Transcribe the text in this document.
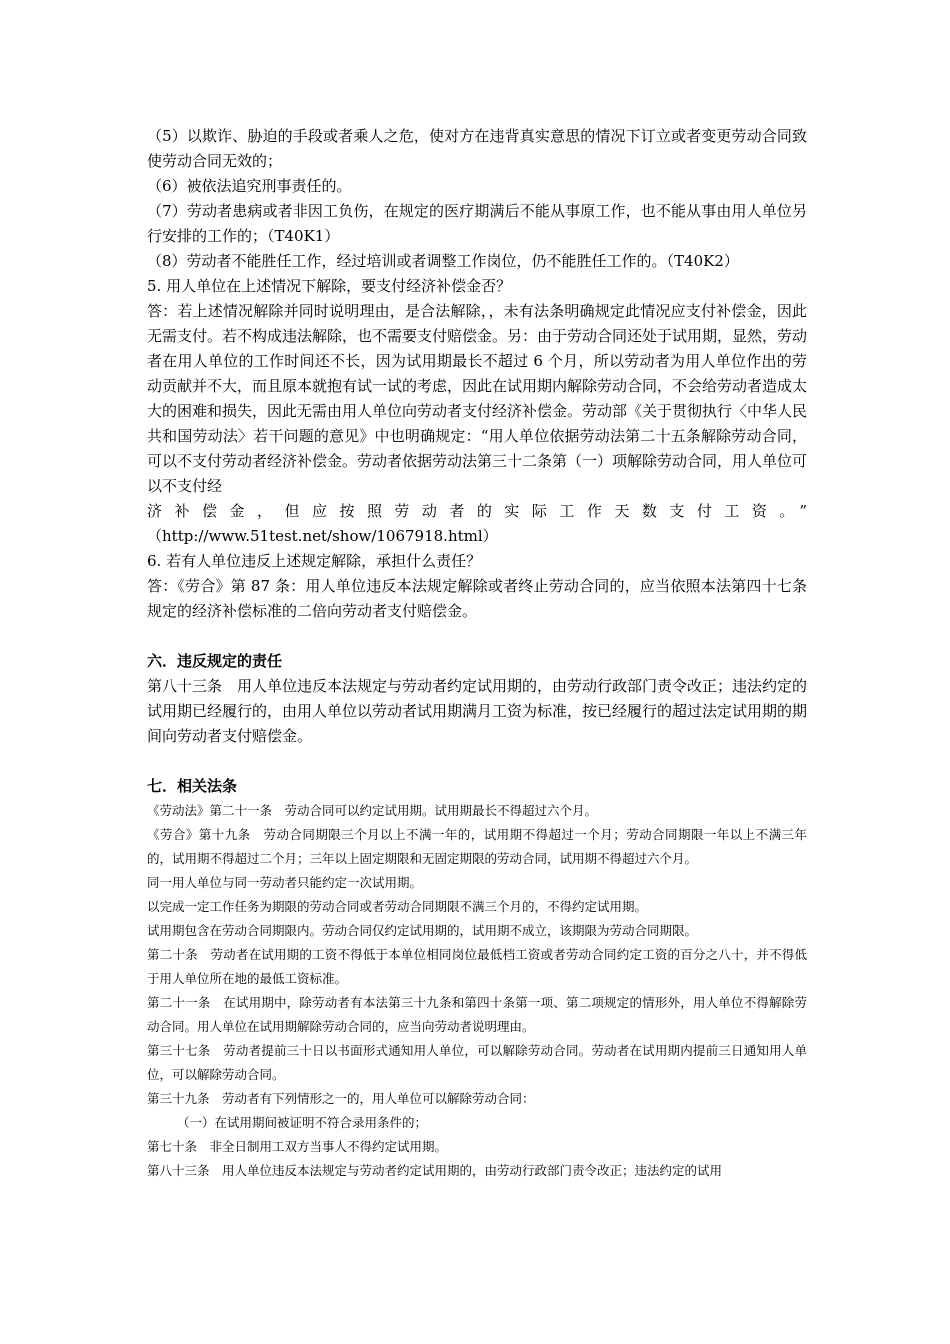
（5）以欺诈、胁迫的手段或者乘人之危，使对方在违背真实意思的情况下订立或者变更劳动合同致使劳动合同无效的；

（6）被依法追究刑事责任的。

（7）劳动者患病或者非因工负伤，在规定的医疗期满后不能从事原工作，也不能从事由用人单位另行安排的工作的；（T40K1）

（8）劳动者不能胜任工作，经过培训或者调整工作岗位，仍不能胜任工作的。（T40K2）

5. 用人单位在上述情况下解除，要支付经济补偿金否？

答：若上述情况解除并同时说明理由，是合法解除，，未有法条明确规定此情况应支付补偿金，因此无需支付。若不构成违法解除，也不需要支付赔偿金。另：由于劳动合同还处于试用期，显然，劳动者在用人单位的工作时间还不长，因为试用期最长不超过 6 个月，所以劳动者为用人单位作出的劳动贡献并不大，而且原本就抱有试一试的考虑，因此在试用期内解除劳动合同，不会给劳动者造成太大的困难和损失，因此无需由用人单位向劳动者支付经济补偿金。劳动部《关于贯彻执行〈中华人民共和国劳动法〉若干问题的意见》中也明确规定：“用人单位依据劳动法第二十五条解除劳动合同，可以不支付劳动者经济补偿金。劳动者依据劳动法第三十二条第（一）项解除劳动合同，用人单位可以不支付经

济补偿金，但应按照劳动者的实际工作天数支付工资。”

（http://www.51test.net/show/1067918.html）

6. 若有人单位违反上述规定解除，承担什么责任？

答：《劳合》第 87 条：用人单位违反本法规定解除或者终止劳动合同的，应当依照本法第四十七条规定的经济补偿标准的二倍向劳动者支付赔偿金。

六．违反规定的责任

第八十三条　用人单位违反本法规定与劳动者约定试用期的，由劳动行政部门责令改正；违法约定的试用期已经履行的，由用人单位以劳动者试用期满月工资为标准，按已经履行的超过法定试用期的期间向劳动者支付赔偿金。

七．相关法条

《劳动法》第二十一条　劳动合同可以约定试用期。试用期最长不得超过六个月。

《劳合》第十九条　劳动合同期限三个月以上不满一年的，试用期不得超过一个月；劳动合同期限一年以上不满三年的，试用期不得超过二个月；三年以上固定期限和无固定期限的劳动合同，试用期不得超过六个月。

同一用人单位与同一劳动者只能约定一次试用期。

以完成一定工作任务为期限的劳动合同或者劳动合同期限不满三个月的，不得约定试用期。

试用期包含在劳动合同期限内。劳动合同仅约定试用期的，试用期不成立，该期限为劳动合同期限。

第二十条　劳动者在试用期的工资不得低于本单位相同岗位最低档工资或者劳动合同约定工资的百分之八十，并不得低于用人单位所在地的最低工资标准。

第二十一条　在试用期中，除劳动者有本法第三十九条和第四十条第一项、第二项规定的情形外，用人单位不得解除劳动合同。用人单位在试用期解除劳动合同的，应当向劳动者说明理由。

第三十七条　劳动者提前三十日以书面形式通知用人单位，可以解除劳动合同。劳动者在试用期内提前三日通知用人单位，可以解除劳动合同。

第三十九条　劳动者有下列情形之一的，用人单位可以解除劳动合同：

（一）在试用期间被证明不符合录用条件的；

第七十条　非全日制用工双方当事人不得约定试用期。

第八十三条　用人单位违反本法规定与劳动者约定试用期的，由劳动行政部门责令改正；违法约定的试用
